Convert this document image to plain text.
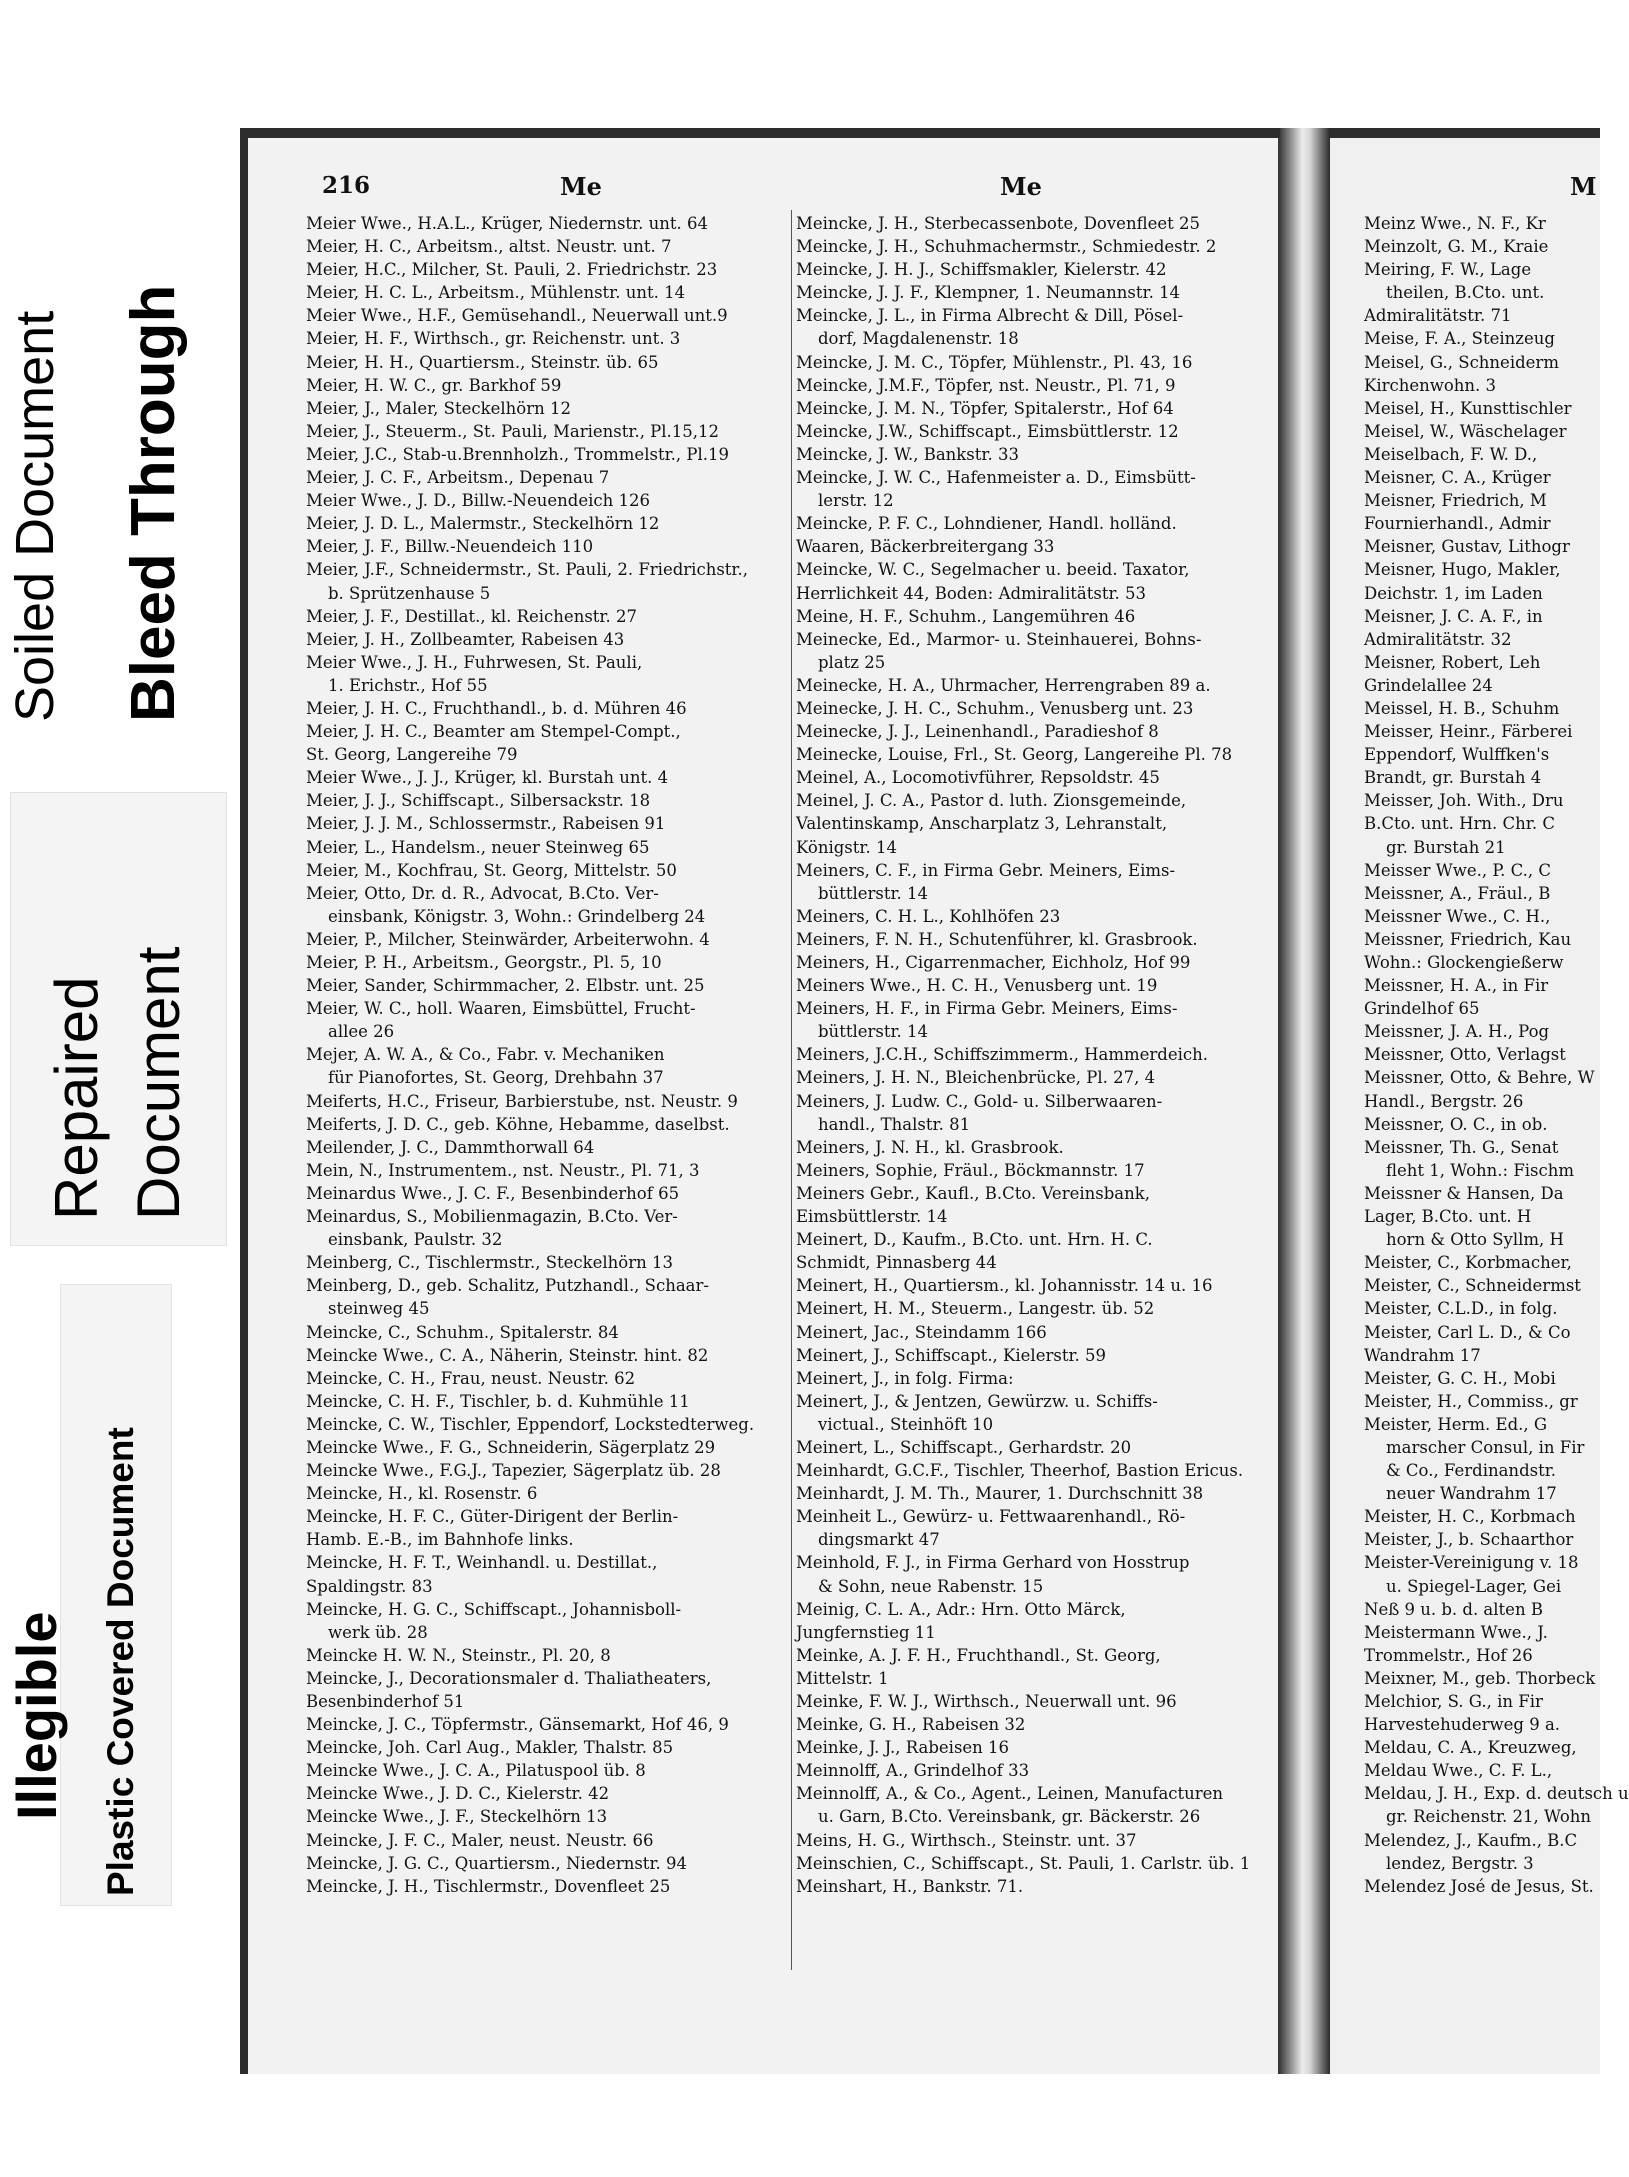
Soiled Document Bleed Through
Repaired Document
Illegible Plastic Covered Document
216	Me	Me
Meier Wwe., H.A.L., Krüger, Niedernstr. unt. 64
Meier, H. C., Arbeitsm., altst. Neustr. unt. 7
Meier, H.C., Milcher, St. Pauli, 2. Friedrichstr. 23
Meier, H. C. L., Arbeitsm., Mühlenstr. unt. 14
Meier Wwe., H.F., Gemüsehandl., Neuerwall unt.9
Meier, H. F., Wirthsch., gr. Reichenstr. unt. 3
Meier, H. H., Quartiersm., Steinstr. üb. 65
Meier, H. W. C., gr. Barkhof 59
Meier, J., Maler, Steckelhörn 12
Meier, J., Steuerm., St. Pauli, Marienstr., Pl.15,12
Meier, J.C., Stab-u.Brennholzh., Trommelstr., Pl.19
Meier, J. C. F., Arbeitsm., Depenau 7
Meier Wwe., J. D., Billw.-Neuendeich 126
Meier, J. D. L., Malermstr., Steckelhörn 12
Meier, J. F., Billw.-Neuendeich 110
Meier, J.F., Schneidermstr., St. Pauli, 2. Friedrichstr.,
b. Sprützenhause 5
Meier, J. F., Destillat., kl. Reichenstr. 27
Meier, J. H., Zollbeamter, Rabeisen 43
Meier Wwe., J. H., Fuhrwesen, St. Pauli,
1. Erichstr., Hof 55
Meier, J. H. C., Fruchthandl., b. d. Mühren 46
Meier, J. H. C., Beamter am Stempel-Compt.,
St. Georg, Langereihe 79
Meier Wwe., J. J., Krüger, kl. Burstah unt. 4
Meier, J. J., Schiffscapt., Silbersackstr. 18
Meier, J. J. M., Schlossermstr., Rabeisen 91
Meier, L., Handelsm., neuer Steinweg 65
Meier, M., Kochfrau, St. Georg, Mittelstr. 50
Meier, Otto, Dr. d. R., Advocat, B.Cto. Ver-
einsbank, Königstr. 3, Wohn.: Grindelberg 24
Meier, P., Milcher, Steinwärder, Arbeiterwohn. 4
Meier, P. H., Arbeitsm., Georgstr., Pl. 5, 10
Meier, Sander, Schirmmacher, 2. Elbstr. unt. 25
Meier, W. C., holl. Waaren, Eimsbüttel, Frucht-
allee 26
Mejer, A. W. A., & Co., Fabr. v. Mechaniken
für Pianofortes, St. Georg, Drehbahn 37
Meiferts, H.C., Friseur, Barbierstube, nst. Neustr. 9
Meiferts, J. D. C., geb. Köhne, Hebamme, daselbst.
Meilender, J. C., Dammthorwall 64
Mein, N., Instrumentem., nst. Neustr., Pl. 71, 3
Meinardus Wwe., J. C. F., Besenbinderhof 65
Meinardus, S., Mobilienmagazin, B.Cto. Ver-
einsbank, Paulstr. 32
Meinberg, C., Tischlermstr., Steckelhörn 13
Meinberg, D., geb. Schalitz, Putzhandl., Schaar-
steinweg 45
Meincke, C., Schuhm., Spitalerstr. 84
Meincke Wwe., C. A., Näherin, Steinstr. hint. 82
Meincke, C. H., Frau, neust. Neustr. 62
Meincke, C. H. F., Tischler, b. d. Kuhmühle 11
Meincke, C. W., Tischler, Eppendorf, Lockstedterweg.
Meincke Wwe., F. G., Schneiderin, Sägerplatz 29
Meincke Wwe., F.G.J., Tapezier, Sägerplatz üb. 28
Meincke, H., kl. Rosenstr. 6
Meincke, H. F. C., Güter-Dirigent der Berlin-
Hamb. E.-B., im Bahnhofe links.
Meincke, H. F. T., Weinhandl. u. Destillat.,
Spaldingstr. 83
Meincke, H. G. C., Schiffscapt., Johannisboll-
werk üb. 28
Meincke H. W. N., Steinstr., Pl. 20, 8
Meincke, J., Decorationsmaler d. Thaliatheaters,
Besenbinderhof 51
Meincke, J. C., Töpfermstr., Gänsemarkt, Hof 46, 9
Meincke, Joh. Carl Aug., Makler, Thalstr. 85
Meincke Wwe., J. C. A., Pilatuspool üb. 8
Meincke Wwe., J. D. C., Kielerstr. 42
Meincke Wwe., J. F., Steckelhörn 13
Meincke, J. F. C., Maler, neust. Neustr. 66
Meincke, J. G. C., Quartiersm., Niedernstr. 94
Meincke, J. H., Tischlermstr., Dovenfleet 25
Meincke, J. H., Sterbecassenbote, Dovenfleet 25
Meincke, J. H., Schuhmachermstr., Schmiedestr. 2
Meincke, J. H. J., Schiffsmakler, Kielerstr. 42
Meincke, J. J. F., Klempner, 1. Neumannstr. 14
Meincke, J. L., in Firma Albrecht & Dill, Pösel-
dorf, Magdalenenstr. 18
Meincke, J. M. C., Töpfer, Mühlenstr., Pl. 43, 16
Meincke, J.M.F., Töpfer, nst. Neustr., Pl. 71, 9
Meincke, J. M. N., Töpfer, Spitalerstr., Hof 64
Meincke, J.W., Schiffscapt., Eimsbüttlerstr. 12
Meincke, J. W., Bankstr. 33
Meincke, J. W. C., Hafenmeister a. D., Eimsbütt-
lerstr. 12
Meincke, P. F. C., Lohndiener, Handl. holländ.
Waaren, Bäckerbreitergang 33
Meincke, W. C., Segelmacher u. beeid. Taxator,
Herrlichkeit 44, Boden: Admiralitätstr. 53
Meine, H. F., Schuhm., Langemühren 46
Meinecke, Ed., Marmor- u. Steinhauerei, Bohns-
platz 25
Meinecke, H. A., Uhrmacher, Herrengraben 89 a.
Meinecke, J. H. C., Schuhm., Venusberg unt. 23
Meinecke, J. J., Leinenhandl., Paradieshof 8
Meinecke, Louise, Frl., St. Georg, Langereihe Pl. 78
Meinel, A., Locomotivführer, Repsoldstr. 45
Meinel, J. C. A., Pastor d. luth. Zionsgemeinde,
Valentinskamp, Anscharplatz 3, Lehranstalt,
Königstr. 14
Meiners, C. F., in Firma Gebr. Meiners, Eims-
büttlerstr. 14
Meiners, C. H. L., Kohlhöfen 23
Meiners, F. N. H., Schutenführer, kl. Grasbrook.
Meiners, H., Cigarrenmacher, Eichholz, Hof 99
Meiners Wwe., H. C. H., Venusberg unt. 19
Meiners, H. F., in Firma Gebr. Meiners, Eims-
büttlerstr. 14
Meiners, J.C.H., Schiffszimmerm., Hammerdeich.
Meiners, J. H. N., Bleichenbrücke, Pl. 27, 4
Meiners, J. Ludw. C., Gold- u. Silberwaaren-
handl., Thalstr. 81
Meiners, J. N. H., kl. Grasbrook.
Meiners, Sophie, Fräul., Böckmannstr. 17
Meiners Gebr., Kaufl., B.Cto. Vereinsbank,
Eimsbüttlerstr. 14
Meinert, D., Kaufm., B.Cto. unt. Hrn. H. C.
Schmidt, Pinnasberg 44
Meinert, H., Quartiersm., kl. Johannisstr. 14 u. 16
Meinert, H. M., Steuerm., Langestr. üb. 52
Meinert, Jac., Steindamm 166
Meinert, J., Schiffscapt., Kielerstr. 59
Meinert, J., in folg. Firma:
Meinert, J., & Jentzen, Gewürzw. u. Schiffs-
victual., Steinhöft 10
Meinert, L., Schiffscapt., Gerhardstr. 20
Meinhardt, G.C.F., Tischler, Theerhof, Bastion Ericus.
Meinhardt, J. M. Th., Maurer, 1. Durchschnitt 38
Meinheit L., Gewürz- u. Fettwaarenhandl., Rö-
dingsmarkt 47
Meinhold, F. J., in Firma Gerhard von Hosstrup
& Sohn, neue Rabenstr. 15
Meinig, C. L. A., Adr.: Hrn. Otto Märck,
Jungfernstieg 11
Meinke, A. J. F. H., Fruchthandl., St. Georg,
Mittelstr. 1
Meinke, F. W. J., Wirthsch., Neuerwall unt. 96
Meinke, G. H., Rabeisen 32
Meinke, J. J., Rabeisen 16
Meinnolff, A., Grindelhof 33
Meinnolff, A., & Co., Agent., Leinen, Manufacturen
u. Garn, B.Cto. Vereinsbank, gr. Bäckerstr. 26
Meins, H. G., Wirthsch., Steinstr. unt. 37
Meinschien, C., Schiffscapt., St. Pauli, 1. Carlstr. üb. 1
Meinshart, H., Bankstr. 71.
M
Meinz Wwe., N. F., Kr
Meinzolt, G. M., Kraie
Meiring, F. W., Lage
theilen, B.Cto. unt.
Admiralitätstr. 71
Meise, F. A., Steinzeug
Meisel, G., Schneiderm
Kirchenwohn. 3
Meisel, H., Kunsttischler
Meisel, W., Wäschelager
Meiselbach, F. W. D.,
Meisner, C. A., Krüger
Meisner, Friedrich, M
Fournierhandl., Admir
Meisner, Gustav, Lithogr
Meisner, Hugo, Makler,
Deichstr. 1, im Laden
Meisner, J. C. A. F., in
Admiralitätstr. 32
Meisner, Robert, Leh
Grindelallee 24
Meissel, H. B., Schuhm
Meisser, Heinr., Färberei
Eppendorf, Wulffken's
Brandt, gr. Burstah 4
Meisser, Joh. With., Dru
B.Cto. unt. Hrn. Chr. C
gr. Burstah 21
Meisser Wwe., P. C., C
Meissner, A., Fräul., B
Meissner Wwe., C. H.,
Meissner, Friedrich, Kau
Wohn.: Glockengießerw
Meissner, H. A., in Fir
Grindelhof 65
Meissner, J. A. H., Pog
Meissner, Otto, Verlagst
Meissner, Otto, & Behre, W
Handl., Bergstr. 26
Meissner, O. C., in ob.
Meissner, Th. G., Senat
fleht 1, Wohn.: Fischm
Meissner & Hansen, Da
Lager, B.Cto. unt. H
horn & Otto Syllm, H
Meister, C., Korbmacher,
Meister, C., Schneidermst
Meister, C.L.D., in folg.
Meister, Carl L. D., & Co
Wandrahm 17
Meister, G. C. H., Mobi
Meister, H., Commiss., gr
Meister, Herm. Ed., G
marscher Consul, in Fir
& Co., Ferdinandstr.
neuer Wandrahm 17
Meister, H. C., Korbmach
Meister, J., b. Schaarthor
Meister-Vereinigung v. 18
u. Spiegel-Lager, Gei
Neß 9 u. b. d. alten B
Meistermann Wwe., J.
Trommelstr., Hof 26
Meixner, M., geb. Thorbeck
Melchior, S. G., in Fir
Harvestehuderweg 9 a.
Meldau, C. A., Kreuzweg,
Meldau Wwe., C. F. L.,
Meldau, J. H., Exp. d. deutsch u
gr. Reichenstr. 21, Wohn
Melendez, J., Kaufm., B.C
lendez, Bergstr. 3
Melendez José de Jesus, St.
